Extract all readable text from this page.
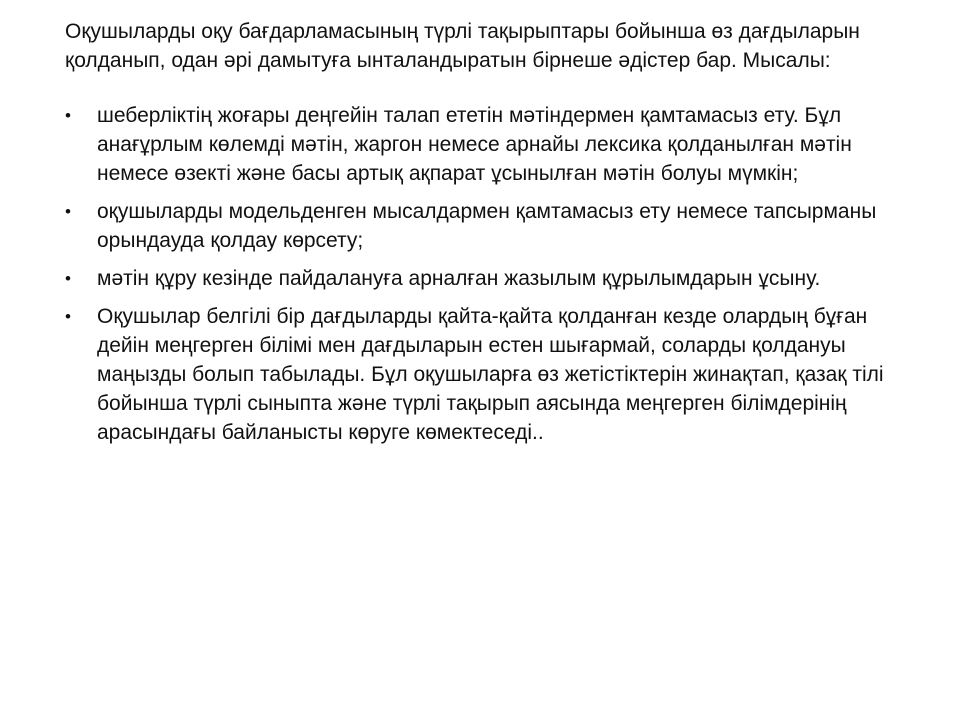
Оқушыларды оқу бағдарламасының түрлі тақырыптары бойынша өз дағдыларын қолданып, одан әрі дамытуға ынталандыратын бірнеше әдістер бар. Мысалы:

•	шеберліктің жоғары деңгейін талап ететін мәтіндермен қамтамасыз ету. Бұл анағұрлым көлемді мәтін, жаргон немесе арнайы лексика қолданылған мәтін немесе өзекті және басы артық ақпарат ұсынылған мәтін болуы мүмкін;
•	оқушыларды модельденген мысалдармен қамтамасыз ету немесе тапсырманы орындауда қолдау көрсету;
•	мәтін құру кезінде пайдалануға арналған жазылым құрылымдарын ұсыну.
•	Оқушылар белгілі бір дағдыларды қайта-қайта қолданған кезде олардың бұған дейін меңгерген білімі мен дағдыларын естен шығармай, соларды қолдануы маңызды болып табылады. Бұл оқушыларға өз жетістіктерін жинақтап, қазақ тілі бойынша түрлі сыныпта және түрлі тақырып аясында меңгерген білімдерінің арасындағы байланысты көруге көмектеседі..
